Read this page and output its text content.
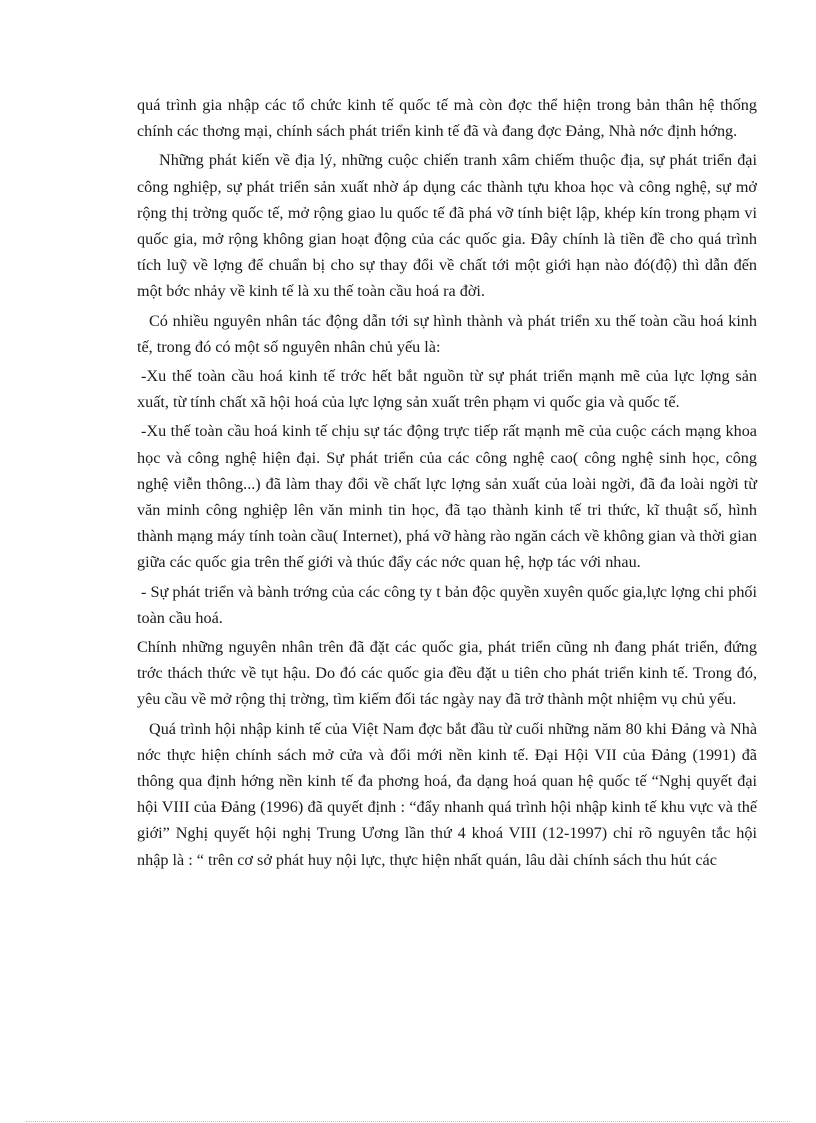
quá trình gia nhập các tổ chức kinh tế quốc tế mà còn đợc thể hiện trong bản thân hệ thống chính các thơng mại, chính sách phát triển kinh tế đã và đang đợc Đảng, Nhà nớc định hớng.

Những phát kiến về địa lý, những cuộc chiến tranh xâm chiếm thuộc địa, sự phát triển đại công nghiệp, sự phát triển sản xuất nhờ áp dụng các thành tựu khoa học và công nghệ, sự mở rộng thị trờng quốc tế, mở rộng giao lu quốc tế đã phá vỡ tính biệt lập, khép kín trong phạm vi quốc gia, mở rộng không gian hoạt động của các quốc gia. Đây chính là tiền đề cho quá trình tích luỹ về lợng để chuẩn bị cho sự thay đổi về chất tới một giới hạn nào đó(độ) thì dẫn đến một bớc nhảy về kinh tế là xu thế toàn cầu hoá ra đời.

Có nhiều nguyên nhân tác động dẫn tới sự hình thành và phát triển xu thế toàn cầu hoá kinh tế, trong đó có một số nguyên nhân chủ yếu là:

-Xu thế toàn cầu hoá kinh tế trớc hết bắt nguồn từ sự phát triển mạnh mẽ của lực lợng sản xuất, từ tính chất xã hội hoá của lực lợng sản xuất trên phạm vi quốc gia và quốc tế.

-Xu thế toàn cầu hoá kinh tế chịu sự tác động trực tiếp rất mạnh mẽ của cuộc cách mạng khoa học và công nghệ hiện đại. Sự phát triển của các công nghệ cao( công nghệ sinh học, công nghệ viễn thông...) đã làm thay đổi về chất lực lợng sản xuất của loài ngời, đã đa loài ngời từ văn minh công nghiệp lên văn minh tin học, đã tạo thành kinh tế tri thức, kĩ thuật số, hình thành mạng máy tính toàn cầu( Internet), phá vỡ hàng rào ngăn cách về không gian và thời gian giữa các quốc gia trên thế giới và thúc đẩy các nớc quan hệ, hợp tác với nhau.

- Sự phát triển và bành trớng của các công ty t bản độc quyền xuyên quốc gia,lực lợng chi phối toàn cầu hoá.

Chính những nguyên nhân trên đã đặt các quốc gia, phát triển cũng nh đang phát triển, đứng trớc thách thức về tụt hậu. Do đó các quốc gia đều đặt u tiên cho phát triển kinh tế. Trong đó, yêu cầu về mở rộng thị trờng, tìm kiếm đối tác ngày nay đã trở thành một nhiệm vụ chủ yếu.

Quá trình hội nhập kinh tế của Việt Nam đợc bắt đầu từ cuối những năm 80 khi Đảng và Nhà nớc thực hiện chính sách mở cửa và đổi mới nền kinh tế. Đại Hội VII của Đảng (1991) đã thông qua định hớng nền kinh tế đa phơng hoá, đa dạng hoá quan hệ quốc tế “Nghị quyết đại hội VIII của Đảng (1996) đã quyết định : “đẩy nhanh quá trình hội nhập kinh tế khu vực và thế giới” Nghị quyết hội nghị Trung Ương lần thứ 4 khoá VIII (12-1997) chỉ rõ nguyên tắc hội nhập là : “ trên cơ sở phát huy nội lực, thực hiện nhất quán, lâu dài chính sách thu hút các
